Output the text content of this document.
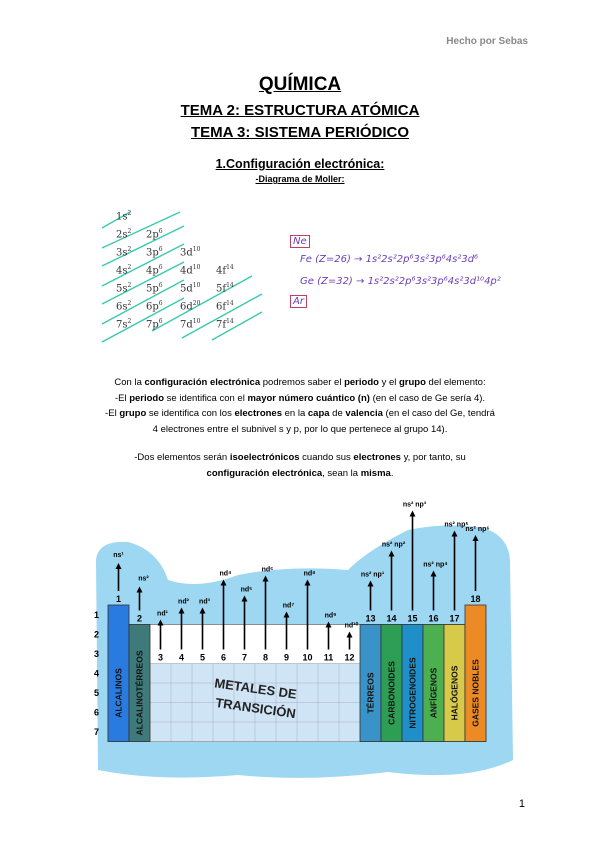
Hecho por Sebas
QUÍMICA
TEMA 2: ESTRUCTURA ATÓMICA
TEMA 3: SISTEMA PERIÓDICO
1.Configuración electrónica:
-Diagrama de Moller:
$1s^2$
$2s^2$ $2p^6$
$3s^2$ $3p^6$ $3d^{10}$
$4s^2$ $4p^6$ $4d^{10}$ $4f^{14}$
$5s^2$ $5p^6$ $5d^{10}$ $5f^{14}$
$6s^2$ $6p^6$ $6d^{20}$ $6f^{14}$
$7s^2$ $7p^6$ $7d^{10}$ $7f^{14}$
Ne
Fe (Z=26) → 1s²2s²2p⁶3s²3p⁶4s²3d⁶
Ge (Z=32) → 1s²2s²2p⁶3s²3p⁶4s²3d¹⁰4p²
Ar
Con la configuración electrónica podremos saber el periodo y el grupo del elemento:
-El periodo se identifica con el mayor número cuántico (n) (en el caso de Ge sería 4).
-El grupo se identifica con los electrones en la capa de valencia (en el caso del Ge, tendrá
4 electrones entre el subnivel s y p, por lo que pertenece al grupo 14).
-Dos elementos serán isoelectrónicos cuando sus electrones y, por tanto, su
configuración electrónica, sean la misma.
1
2
3
4
5
6
7
ALCALINOS ALCALINOTÉRREOS	TÉRREOS CARBONOIDES NITROGENOIDES ANFÍGENOS HALÓGENOS GASES NOBLES
1
2
3 4 5 6 7 8 9 10 11 12
13 14 15 16 17
18
ns¹
ns²
nd¹
nd² nd³
nd⁴
nd⁵
nd⁶
nd⁷
nd⁸
nd⁹
nd¹⁰
ns² np¹
ns² np²
ns² np³
ns² np⁴
ns² np⁵
ns² np⁶
METALES DE
TRANSICIÓN
1
